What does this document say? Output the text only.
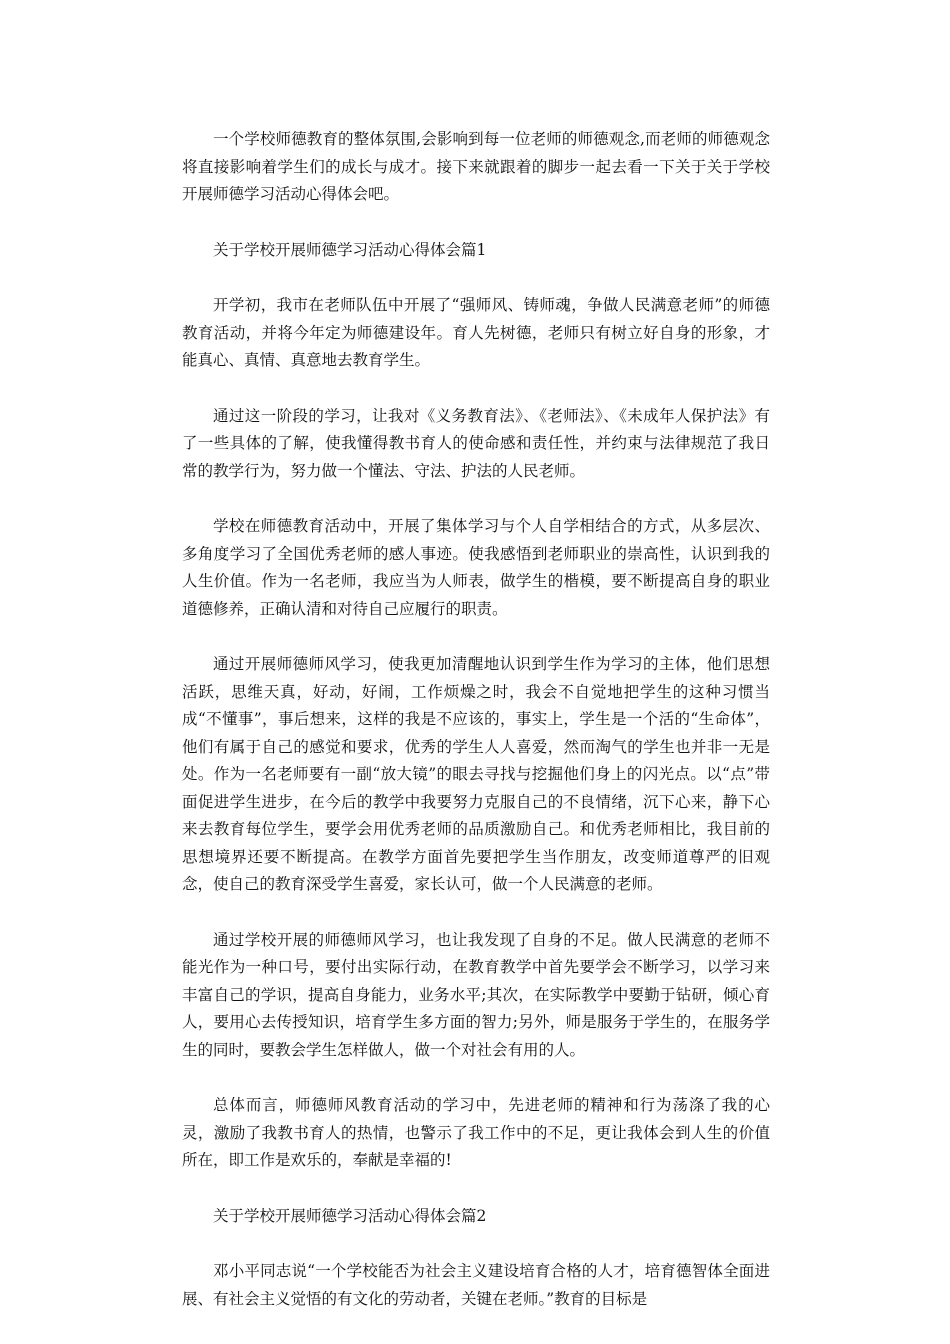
一个学校师德教育的整体氛围,会影响到每一位老师的师德观念,而老师的师德观念将直接影响着学生们的成长与成才。接下来就跟着的脚步一起去看一下关于关于学校开展师德学习活动心得体会吧。

关于学校开展师德学习活动心得体会篇1

开学初，我市在老师队伍中开展了“强师风、铸师魂，争做人民满意老师”的师德教育活动，并将今年定为师德建设年。育人先树德，老师只有树立好自身的形象，才能真心、真情、真意地去教育学生。

通过这一阶段的学习，让我对《义务教育法》、《老师法》、《未成年人保护法》有了一些具体的了解，使我懂得教书育人的使命感和责任性，并约束与法律规范了我日常的教学行为，努力做一个懂法、守法、护法的人民老师。

学校在师德教育活动中，开展了集体学习与个人自学相结合的方式，从多层次、多角度学习了全国优秀老师的感人事迹。使我感悟到老师职业的崇高性，认识到我的人生价值。作为一名老师，我应当为人师表，做学生的楷模，要不断提高自身的职业道德修养，正确认清和对待自己应履行的职责。

通过开展师德师风学习，使我更加清醒地认识到学生作为学习的主体，他们思想活跃，思维天真，好动，好闹，工作烦燥之时，我会不自觉地把学生的这种习惯当成“不懂事”，事后想来，这样的我是不应该的，事实上，学生是一个活的“生命体”，他们有属于自己的感觉和要求，优秀的学生人人喜爱，然而淘气的学生也并非一无是处。作为一名老师要有一副“放大镜”的眼去寻找与挖掘他们身上的闪光点。以“点”带面促进学生进步，在今后的教学中我要努力克服自己的不良情绪，沉下心来，静下心来去教育每位学生，要学会用优秀老师的品质激励自己。和优秀老师相比，我目前的思想境界还要不断提高。在教学方面首先要把学生当作朋友，改变师道尊严的旧观念，使自己的教育深受学生喜爱，家长认可，做一个人民满意的老师。

通过学校开展的师德师风学习，也让我发现了自身的不足。做人民满意的老师不能光作为一种口号，要付出实际行动，在教育教学中首先要学会不断学习，以学习来丰富自己的学识，提高自身能力，业务水平;其次，在实际教学中要勤于钻研，倾心育人，要用心去传授知识，培育学生多方面的智力;另外，师是服务于学生的，在服务学生的同时，要教会学生怎样做人，做一个对社会有用的人。

总体而言，师德师风教育活动的学习中，先进老师的精神和行为荡涤了我的心灵，激励了我教书育人的热情，也警示了我工作中的不足，更让我体会到人生的价值所在，即工作是欢乐的，奉献是幸福的!

关于学校开展师德学习活动心得体会篇2

邓小平同志说“一个学校能否为社会主义建设培育合格的人才，培育德智体全面进展、有社会主义觉悟的有文化的劳动者，关键在老师。”教育的目标是
